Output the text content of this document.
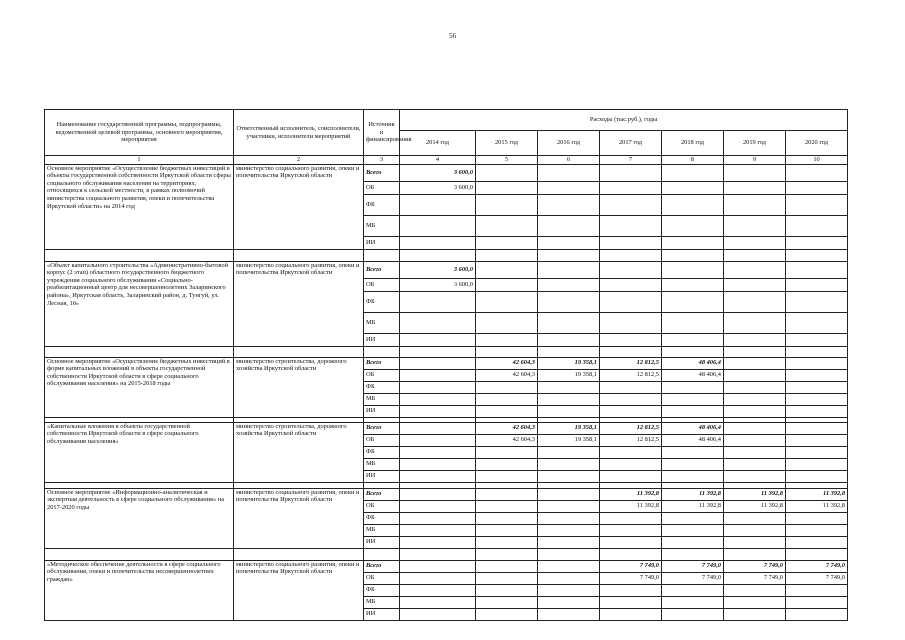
56
Наименование государственной программы, подпрограммы, ведомственной целевой программы, основного мероприятия, мероприятия	Ответственный исполнитель, соисполнители, участники, исполнители мероприятий	Источник и финансирования	Расходы (тыс.руб.), годы						
			2014 год	2015 год	2016 год	2017 год	2018 год	2019 год	2020 год
1	2	3	4	5	6	7	8	9	10
Основное мероприятие «Осуществление бюджетных инвестиций в объекты государственной собственности Иркутской области сферы социального обслуживания населения на территориях, относящихся к сельской местности, в рамках полномочий министерства социального развития, опеки и попечительства Иркутской области» на 2014 год	министерство социального развития, опеки и попечительства Иркутской области	Всего	3 600,0						
		ОБ	3 600,0						
		ФБ							
		МБ							
		ИИ							

«Объект капитального строительства «Административно-бытовой корпус (2 этап) областного государственного бюджетного учреждения социального обслуживания «Социально-реабилитационный центр для несовершеннолетних Заларинского района», Иркутская область, Заларинский район, д. Тунгуй, ул. Лесная, 10»	министерство социального развития, опеки и попечительства Иркутской области	Всего	3 600,0						
		ОБ	3 600,0						
		ФБ							
		МБ							
		ИИ							

Основное мероприятие «Осуществление бюджетных инвестиций в форме капитальных вложений в объекты государственной собственности Иркутской области в сфере социального обслуживания населения» на 2015-2018 годы	министерство строительства, дорожного хозяйства Иркутской области	Всего		42 604,3	19 358,1	12 812,5	48 406,4		
		ОБ		42 604,3	19 358,1	12 812,5	48 406,4		
		ФБ							
		МБ							
		ИИ							

«Капитальные вложения в объекты государственной собственности Иркутской области в сфере социального обслуживания населения»	министерство строительства, дорожного хозяйства Иркутской области	Всего		42 604,3	19 358,1	12 812,5	48 406,4		
		ОБ		42 604,3	19 358,1	12 812,5	48 406,4		
		ФБ							
		МБ							
		ИИ							

Основное мероприятие «Информационно-аналитическая и экспертная деятельность в сфере социального обслуживания» на 2017-2020 годы	министерство социального развития, опеки и попечительства Иркутской области	Всего				11 392,8	11 392,8	11 392,8	11 392,8
		ОБ				11 392,8	11 392,8	11 392,8	11 392,8
		ФБ							
		МБ							
		ИИ							

«Методическое обеспечение деятельности в сфере социального обслуживания, опеки и попечительства несовершеннолетних граждан»	министерство социального развития, опеки и попечительства Иркутской области	Всего				7 749,0	7 749,0	7 749,0	7 749,0
		ОБ				7 749,0	7 749,0	7 749,0	7 749,0
		ФБ							
		МБ							
		ИИ							
